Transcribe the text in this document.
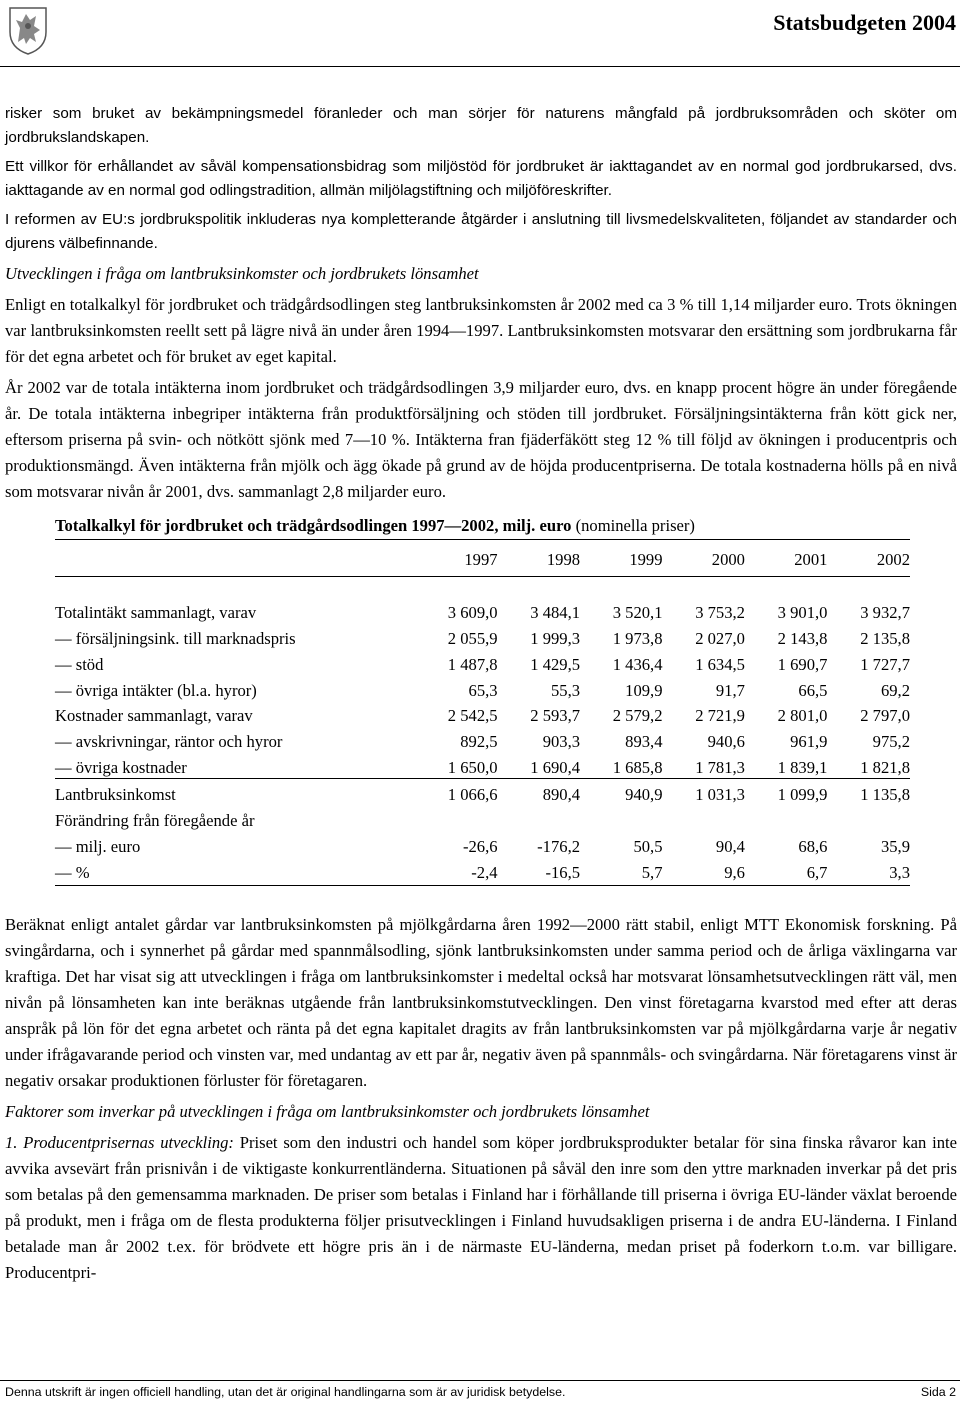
Statsbudgeten 2004

risker som bruket av bekämpningsmedel föranleder och man sörjer för naturens mångfald på jordbruksområden och sköter om jordbrukslandskapen.

Ett villkor för erhållandet av såväl kompensationsbidrag som miljöstöd för jordbruket är iakttagandet av en normal god jordbrukarsed, dvs. iakttagande av en normal god odlingstradition, allmän miljölagstiftning och miljöföreskrifter.

I reformen av EU:s jordbrukspolitik inkluderas nya kompletterande åtgärder i anslutning till livsmedelskvaliteten, följandet av standarder och djurens välbefinnande.

Utvecklingen i fråga om lantbruksinkomster och jordbrukets lönsamhet

Enligt en totalkalkyl för jordbruket och trädgårdsodlingen steg lantbruksinkomsten år 2002 med ca 3 % till 1,14 miljarder euro. Trots ökningen var lantbruksinkomsten reellt sett på lägre nivå än under åren 1994—1997. Lantbruksinkomsten motsvarar den ersättning som jordbrukarna får för det egna arbetet och för bruket av eget kapital.

År 2002 var de totala intäkterna inom jordbruket och trädgårdsodlingen 3,9 miljarder euro, dvs. en knapp procent högre än under föregående år. De totala intäkterna inbegriper intäkterna från produktförsäljning och stöden till jordbruket. Försäljningsintäkterna från kött gick ner, eftersom priserna på svin- och nötkött sjönk med 7—10 %. Intäkterna fran fjäderfäkött steg 12 % till följd av ökningen i producentpris och produktionsmängd. Även intäkterna från mjölk och ägg ökade på grund av de höjda producentpriserna. De totala kostnaderna hölls på en nivå som motsvarar nivån år 2001, dvs. sammanlagt 2,8 miljarder euro.

Totalkalkyl för jordbruket och trädgårdsodlingen 1997—2002, milj. euro (nominella priser)
	1997	1998	1999	2000	2001	2002

Totalintäkt sammanlagt, varav	3 609,0	3 484,1	3 520,1	3 753,2	3 901,0	3 932,7
— försäljningsink. till marknadspris	2 055,9	1 999,3	1 973,8	2 027,0	2 143,8	2 135,8
— stöd	1 487,8	1 429,5	1 436,4	1 634,5	1 690,7	1 727,7
— övriga intäkter (bl.a. hyror)	65,3	55,3	109,9	91,7	66,5	69,2
Kostnader sammanlagt, varav	2 542,5	2 593,7	2 579,2	2 721,9	2 801,0	2 797,0
— avskrivningar, räntor och hyror	892,5	903,3	893,4	940,6	961,9	975,2
— övriga kostnader	1 650,0	1 690,4	1 685,8	1 781,3	1 839,1	1 821,8
Lantbruksinkomst	1 066,6	890,4	940,9	1 031,3	1 099,9	1 135,8
Förändring från föregående år						
— milj. euro	-26,6	-176,2	50,5	90,4	68,6	35,9
— %	-2,4	-16,5	5,7	9,6	6,7	3,3

Beräknat enligt antalet gårdar var lantbruksinkomsten på mjölkgårdarna åren 1992—2000 rätt stabil, enligt MTT Ekonomisk forskning. På svingårdarna, och i synnerhet på gårdar med spannmålsodling, sjönk lantbruksinkomsten under samma period och de årliga växlingarna var kraftiga. Det har visat sig att utvecklingen i fråga om lantbruksinkomster i medeltal också har motsvarat lönsamhetsutvecklingen rätt väl, men nivån på lönsamheten kan inte beräknas utgående från lantbruksinkomstutvecklingen. Den vinst företagarna kvarstod med efter att deras anspråk på lön för det egna arbetet och ränta på det egna kapitalet dragits av från lantbruksinkomsten var på mjölkgårdarna varje år negativ under ifrågavarande period och vinsten var, med undantag av ett par år, negativ även på spannmåls- och svingårdarna. När företagarens vinst är negativ orsakar produktionen förluster för företagaren.

Faktorer som inverkar på utvecklingen i fråga om lantbruksinkomster och jordbrukets lönsamhet

1. Producentprisernas utveckling: Priset som den industri och handel som köper jordbruksprodukter betalar för sina finska råvaror kan inte avvika avsevärt från prisnivån i de viktigaste konkurrentländerna. Situationen på såväl den inre som den yttre marknaden inverkar på det pris som betalas på den gemensamma marknaden. De priser som betalas i Finland har i förhållande till priserna i övriga EU-länder växlat beroende på produkt, men i fråga om de flesta produkterna följer prisutvecklingen i Finland huvudsakligen priserna i de andra EU-länderna. I Finland betalade man år 2002 t.ex. för brödvete ett högre pris än i de närmaste EU-länderna, medan priset på foderkorn t.o.m. var billigare. Producentpri-

Denna utskrift är ingen officiell handling, utan det är original handlingarna som är av juridisk betydelse.	Sida 2
